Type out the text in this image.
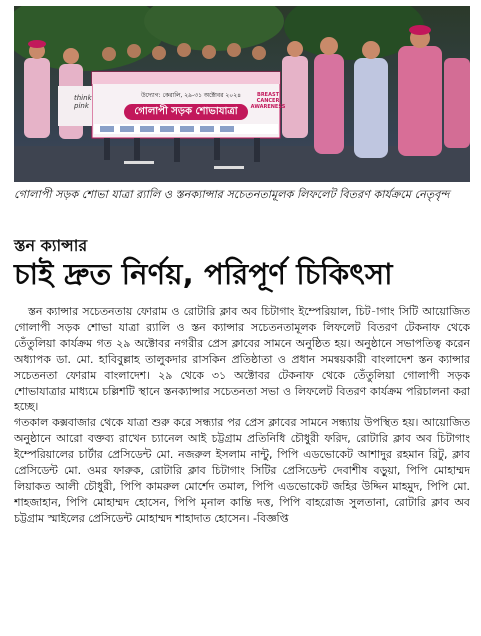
think pink
উদ্যোগ: কেরালি, ২৯-৩১ অক্টোবর ২০২৪
গোলাপী সড়ক শোভাযাত্রা
BREAST CANCER AWARENESS
গোলাপী সড়ক শোভা যাত্রা র‍্যালি ও স্তনক্যান্সার সচেতনতামূলক লিফলেট বিতরণ কার্যক্রমে নেতৃবৃন্দ
স্তন ক্যান্সার
চাই দ্রুত নির্ণয়, পরিপূর্ণ চিকিৎসা

স্তন ক্যান্সার সচেতনতায় ফোরাম ও রোটারি ক্লাব অব চিটাগাং ইম্পেরিয়াল, চিট-াগাং সিটি আয়োজিত গোলাপী সড়ক শোভা যাত্রা র‍্যালি ও স্তন ক্যান্সার সচেতনতামূলক লিফলেট বিতরণ টেকনাফ থেকে তেঁতুলিয়া কার্যক্রম গত ২৯ অক্টোবর নগরীর প্রেস ক্লাবের সামনে অনুষ্ঠিত হয়। অনুষ্ঠানে সভাপতিত্ব করেন অধ্যাপক ডা. মো. হাবিবুল্লাহ তালুকদার রাসকিন প্রতিষ্ঠাতা ও প্রধান সমন্বয়কারী বাংলাদেশ স্তন ক্যান্সার সচেতনতা ফোরাম বাংলাদেশ। ২৯ থেকে ৩১ অক্টোবর টেকনাফ থেকে তেঁতুলিয়া গোলাপী সড়ক শোভাযাত্রার মাধ্যমে চল্লিশটি স্থানে স্তনক্যান্সার সচেতনতা সভা ও লিফলেট বিতরণ কার্যক্রম পরিচালনা করা হচ্ছে।

গতকাল কক্সবাজার থেকে যাত্রা শুরু করে সন্ধ্যার পর প্রেস ক্লাবের সামনে সন্ধ্যায় উপস্থিত হয়। আয়োজিত অনুষ্ঠানে আরো বক্তব্য রাখেন চ্যানেল আই চট্টগ্রাম প্রতিনিধি চৌধুরী ফরিদ, রোটারি ক্লাব অব চিটাগাং ইম্পেরিয়ালের চার্টার প্রেসিডেন্ট মো. নজরুল ইসলাম নান্টু, পিপি এডভোকেট আশাদুর রহমান রিটু, ক্লাব প্রেসিডেন্ট মো. ওমর ফারুক, রোটারি ক্লাব চিটাগাং সিটির প্রেসিডেন্ট দেবাশীষ বড়ুয়া, পিপি মোহাম্মদ লিয়াকত আলী চৌধুরী, পিপি কামরুল মোর্শেদ তমাল, পিপি এডভোকেট জহির উদ্দিন মাহমুদ, পিপি মো. শাহজাহান, পিপি মোহাম্মদ হোসেন, পিপি মৃনাল কান্তি দত্ত, পিপি বাহরোজ সুলতানা, রোটারি ক্লাব অব চট্টগ্রাম স্মাইলের প্রেসিডেন্ট মোহাম্মদ শাহাদাত হোসেন। -বিজ্ঞপ্তি
